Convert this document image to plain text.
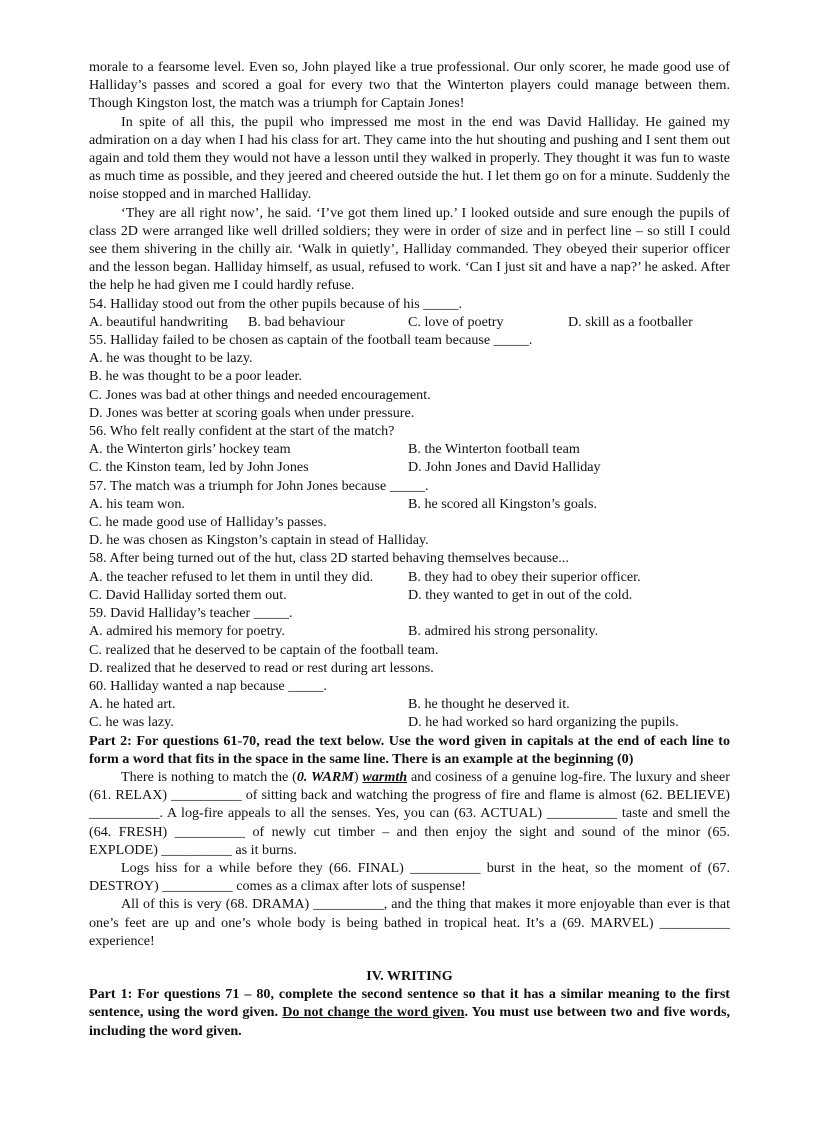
morale to a fearsome level. Even so, John played like a true professional. Our only scorer, he made good use of Halliday’s passes and scored a goal for every two that the Winterton players could manage between them. Though Kingston lost, the match was a triumph for Captain Jones!

In spite of all this, the pupil who impressed me most in the end was David Halliday. He gained my admiration on a day when I had his class for art. They came into the hut shouting and pushing and I sent them out again and told them they would not have a lesson until they walked in properly. They thought it was fun to waste as much time as possible, and they jeered and cheered outside the hut. I let them go on for a minute. Suddenly the noise stopped and in marched Halliday.

‘They are all right now’, he said. ‘I’ve got them lined up.’ I looked outside and sure enough the pupils of class 2D were arranged like well drilled soldiers; they were in order of size and in perfect line – so still I could see them shivering in the chilly air. ‘Walk in quietly’, Halliday commanded. They obeyed their superior officer and the lesson began. Halliday himself, as usual, refused to work. ‘Can I just sit and have a nap?’ he asked. After the help he had given me I could hardly refuse.

54. Halliday stood out from the other pupils because of his _____.

A. beautiful handwriting	B. bad behaviour	C. love of poetry	D. skill as a footballer

55. Halliday failed to be chosen as captain of the football team because _____.

A. he was thought to be lazy.

B. he was thought to be a poor leader.

C. Jones was bad at other things and needed encouragement.

D. Jones was better at scoring goals when under pressure.

56. Who felt really confident at the start of the match?

A. the Winterton girls’ hockey team	B. the Winterton football team
C. the Kinston team, led by John Jones	D. John Jones and David Halliday

57. The match was a triumph for John Jones because _____.

A. his team won.	B. he scored all Kingston’s goals.

C. he made good use of Halliday’s passes.

D. he was chosen as Kingston’s captain in stead of Halliday.

58. After being turned out of the hut, class 2D started behaving themselves because...

A. the teacher refused to let them in until they did.	B. they had to obey their superior officer.
C. David Halliday sorted them out.	D. they wanted to get in out of the cold.

59. David Halliday’s teacher _____.

A. admired his memory for poetry.	B. admired his strong personality.

C. realized that he deserved to be captain of the football team.

D. realized that he deserved to read or rest during art lessons.

60. Halliday wanted a nap because _____.

A. he hated art.	B. he thought he deserved it.
C. he was lazy.	D. he had worked so hard organizing the pupils.

Part 2: For questions 61-70, read the text below. Use the word given in capitals at the end of each line to form a word that fits in the space in the same line. There is an example at the beginning (0)

There is nothing to match the (0. WARM) warmth and cosiness of a genuine log-fire. The luxury and sheer (61. RELAX) __________ of sitting back and watching the progress of fire and flame is almost (62. BELIEVE) __________. A log-fire appeals to all the senses. Yes, you can (63. ACTUAL) __________ taste and smell the (64. FRESH) __________ of newly cut timber – and then enjoy the sight and sound of the minor (65. EXPLODE) __________ as it burns.

Logs hiss for a while before they (66. FINAL) __________ burst in the heat, so the moment of (67. DESTROY) __________ comes as a climax after lots of suspense!

All of this is very (68. DRAMA) __________, and the thing that makes it more enjoyable than ever is that one’s feet are up and one’s whole body is being bathed in tropical heat. It’s a (69. MARVEL) __________ experience!

IV. WRITING

Part 1: For questions 71 – 80, complete the second sentence so that it has a similar meaning to the first sentence, using the word given. Do not change the word given. You must use between two and five words, including the word given.
